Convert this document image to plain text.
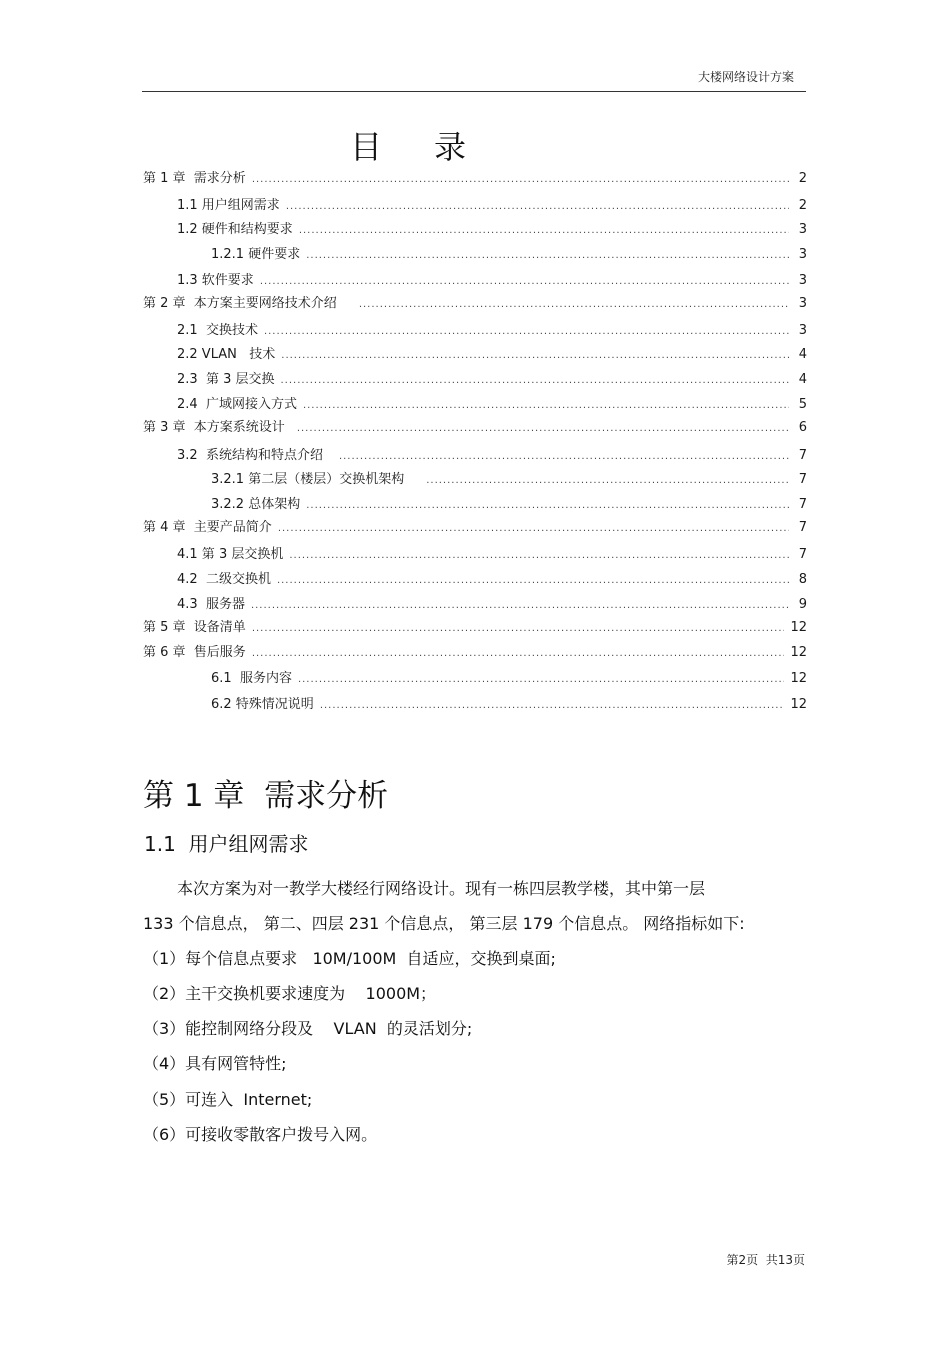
大楼网络设计方案
目录
第 1 章  需求分析 .....	2
1.1 用户组网需求 .....	2
1.2 硬件和结构要求 .....	3
1.2.1 硬件要求 .....	3
1.3 软件要求 .....	3
第 2 章  本方案主要网络技术介绍 .....	3
2.1  交换技术 .....	3
2.2 VLAN   技术 .....	4
2.3  第 3 层交换 .....	4
2.4  广域网接入方式 .....	5
第 3 章  本方案系统设计 .....	6
3.2  系统结构和特点介绍 .....	7
3.2.1 第二层（楼层）交换机架构 .....	7
3.2.2 总体架构 .....	7
第 4 章  主要产品简介 .....	7
4.1 第 3 层交换机 .....	7
4.2  二级交换机 .....	8
4.3  服务器 .....	9
第 5 章  设备清单 .....	12
第 6 章  售后服务 .....	12
6.1  服务内容 .....	12
6.2 特殊情况说明 .....	12
第 1 章  需求分析
1.1  用户组网需求
本次方案为对一教学大楼经行网络设计。现有一栋四层教学楼，其中第一层
133 个信息点， 第二、四层 231 个信息点， 第三层 179 个信息点。 网络指标如下:
（1）每个信息点要求   10M/100M  自适应，交换到桌面;
（2）主干交换机要求速度为    1000M；
（3）能控制网络分段及    VLAN  的灵活划分;
（4）具有网管特性;
（5）可连入  Internet;
（6）可接收零散客户拨号入网。
第2页  共13页
